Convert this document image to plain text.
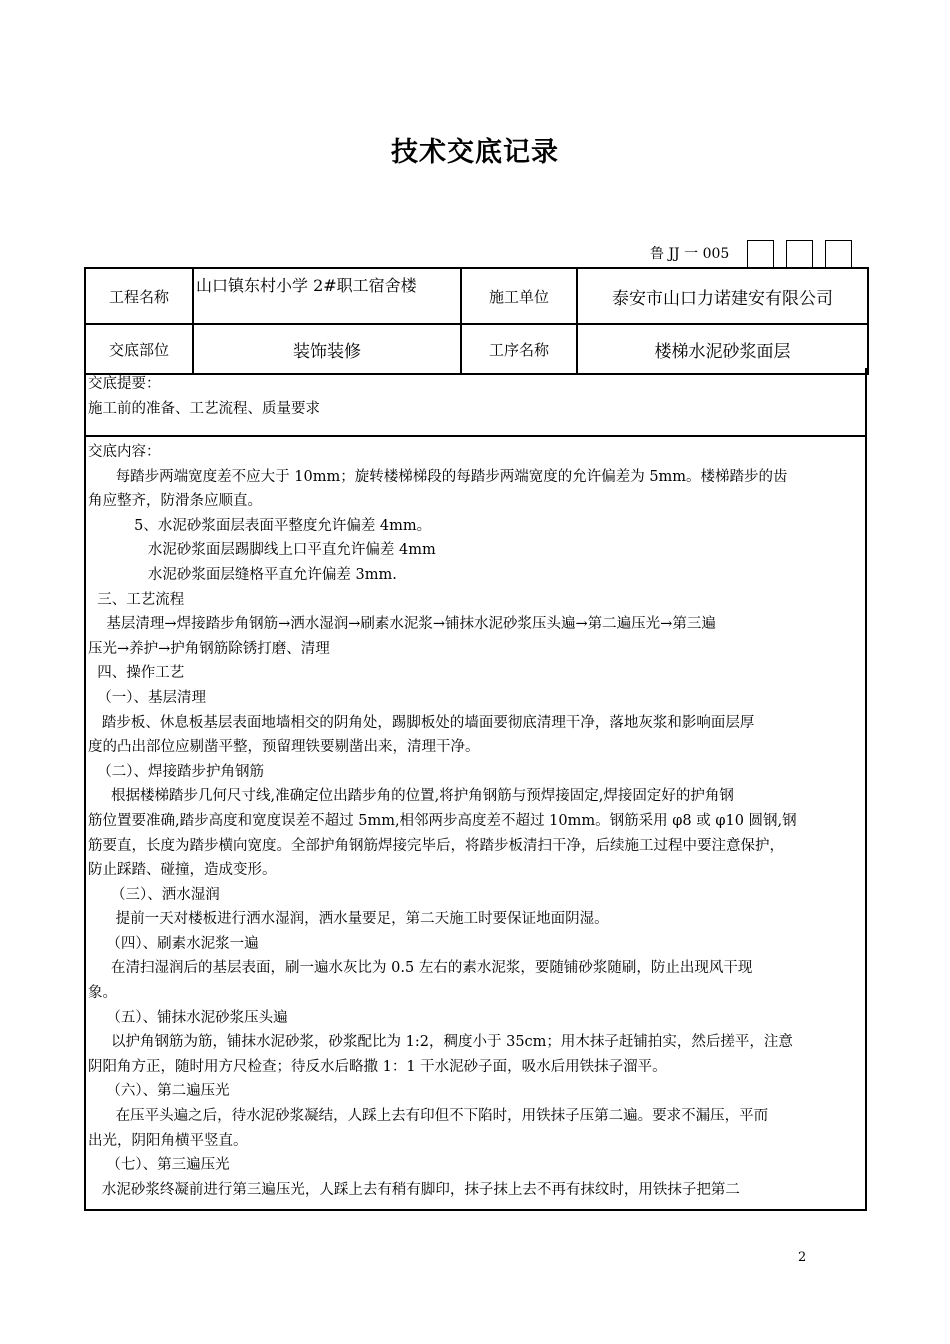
技术交底记录
鲁 JJ 一 005
工程名称	山口镇东村小学 2#职工宿舍楼	施工单位	泰安市山口力诺建安有限公司
交底部位	装饰装修	工序名称	楼梯水泥砂浆面层
交底提要：
施工前的准备、工艺流程、质量要求
交底内容：
每踏步两端宽度差不应大于 10mm；旋转楼梯梯段的每踏步两端宽度的允许偏差为 5mm。楼梯踏步的齿
角应整齐，防滑条应顺直。
5、水泥砂浆面层表面平整度允许偏差 4mm。
水泥砂浆面层踢脚线上口平直允许偏差 4mm
水泥砂浆面层缝格平直允许偏差 3mm.
三、工艺流程
基层清理→焊接踏步角钢筋→洒水湿润→刷素水泥浆→铺抹水泥砂浆压头遍→第二遍压光→第三遍
压光→养护→护角钢筋除锈打磨、清理
四、操作工艺
（一）、基层清理
踏步板、休息板基层表面地墙相交的阴角处，踢脚板处的墙面要彻底清理干净，落地灰浆和影响面层厚
度的凸出部位应剔凿平整，预留理铁要剔凿出来，清理干净。
（二）、焊接踏步护角钢筋
根据楼梯踏步几何尺寸线,准确定位出踏步角的位置,将护角钢筋与预焊接固定,焊接固定好的护角钢
筋位置要准确,踏步高度和宽度误差不超过 5mm,相邻两步高度差不超过 10mm。钢筋采用 φ8 或 φ10 圆钢,钢
筋要直，长度为踏步横向宽度。全部护角钢筋焊接完毕后，将踏步板清扫干净，后续施工过程中要注意保护，
防止踩踏、碰撞，造成变形。
（三）、洒水湿润
提前一天对楼板进行洒水湿润，洒水量要足，第二天施工时要保证地面阴湿。
（四）、刷素水泥浆一遍
在清扫湿润后的基层表面，刷一遍水灰比为 0.5 左右的素水泥浆，要随铺砂浆随刷，防止出现风干现
象。
（五）、铺抹水泥砂浆压头遍
以护角钢筋为筋，铺抹水泥砂浆，砂浆配比为 1:2，稠度小于 35cm；用木抹子赶铺拍实，然后搓平，注意
阴阳角方正，随时用方尺检查；待反水后略撒 1：1 干水泥砂子面，吸水后用铁抹子溜平。
（六）、第二遍压光
在压平头遍之后，待水泥砂浆凝结，人踩上去有印但不下陷时，用铁抹子压第二遍。要求不漏压，平而
出光，阴阳角横平竖直。
（七）、第三遍压光
水泥砂浆终凝前进行第三遍压光，人踩上去有稍有脚印，抹子抹上去不再有抹纹时，用铁抹子把第二
2
